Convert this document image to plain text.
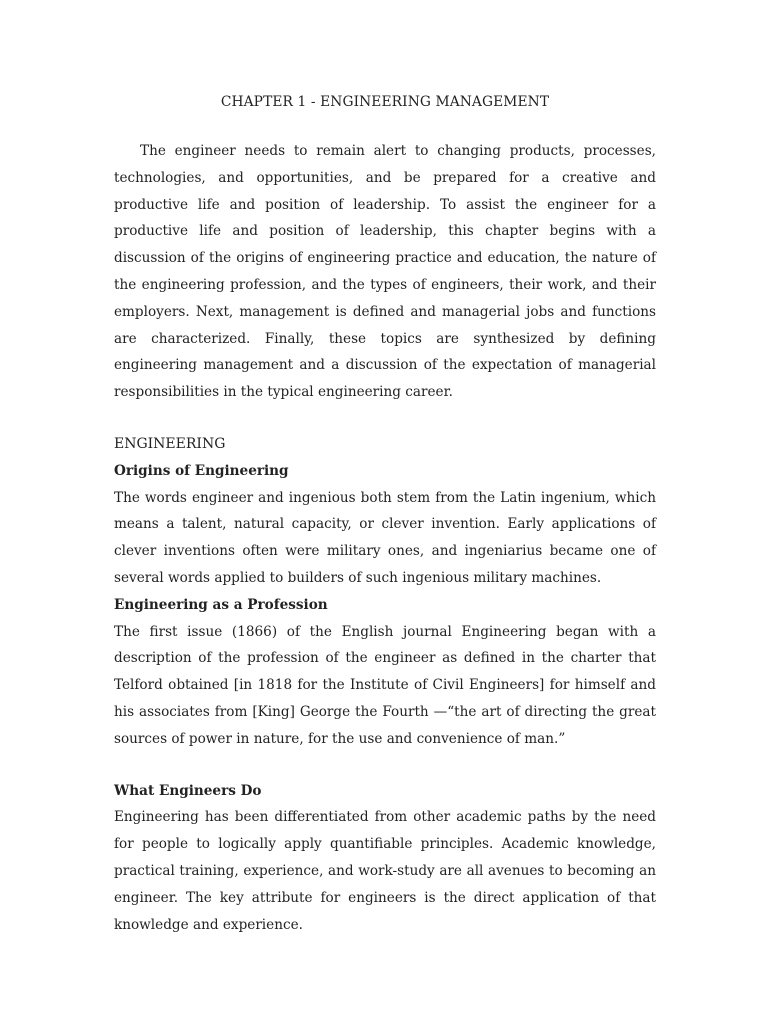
CHAPTER 1 - ENGINEERING MANAGEMENT

The engineer needs to remain alert to changing products, processes, technologies, and opportunities, and be prepared for a creative and productive life and position of leadership. To assist the engineer for a productive life and position of leadership, this chapter begins with a discussion of the origins of engineering practice and education, the nature of the engineering profession, and the types of engineers, their work, and their employers. Next, management is defined and managerial jobs and functions are characterized. Finally, these topics are synthesized by defining engineering management and a discussion of the expectation of managerial responsibilities in the typical engineering career.

ENGINEERING
Origins of Engineering

The words engineer and ingenious both stem from the Latin ingenium, which means a talent, natural capacity, or clever invention. Early applications of clever inventions often were military ones, and ingeniarius became one of several words applied to builders of such ingenious military machines.

Engineering as a Profession

The first issue (1866) of the English journal Engineering began with a description of the profession of the engineer as defined in the charter that Telford obtained [in 1818 for the Institute of Civil Engineers] for himself and his associates from [King] George the Fourth —“the art of directing the great sources of power in nature, for the use and convenience of man.”

What Engineers Do

Engineering has been differentiated from other academic paths by the need for people to logically apply quantifiable principles. Academic knowledge, practical training, experience, and work-study are all avenues to becoming an engineer. The key attribute for engineers is the direct application of that knowledge and experience.
